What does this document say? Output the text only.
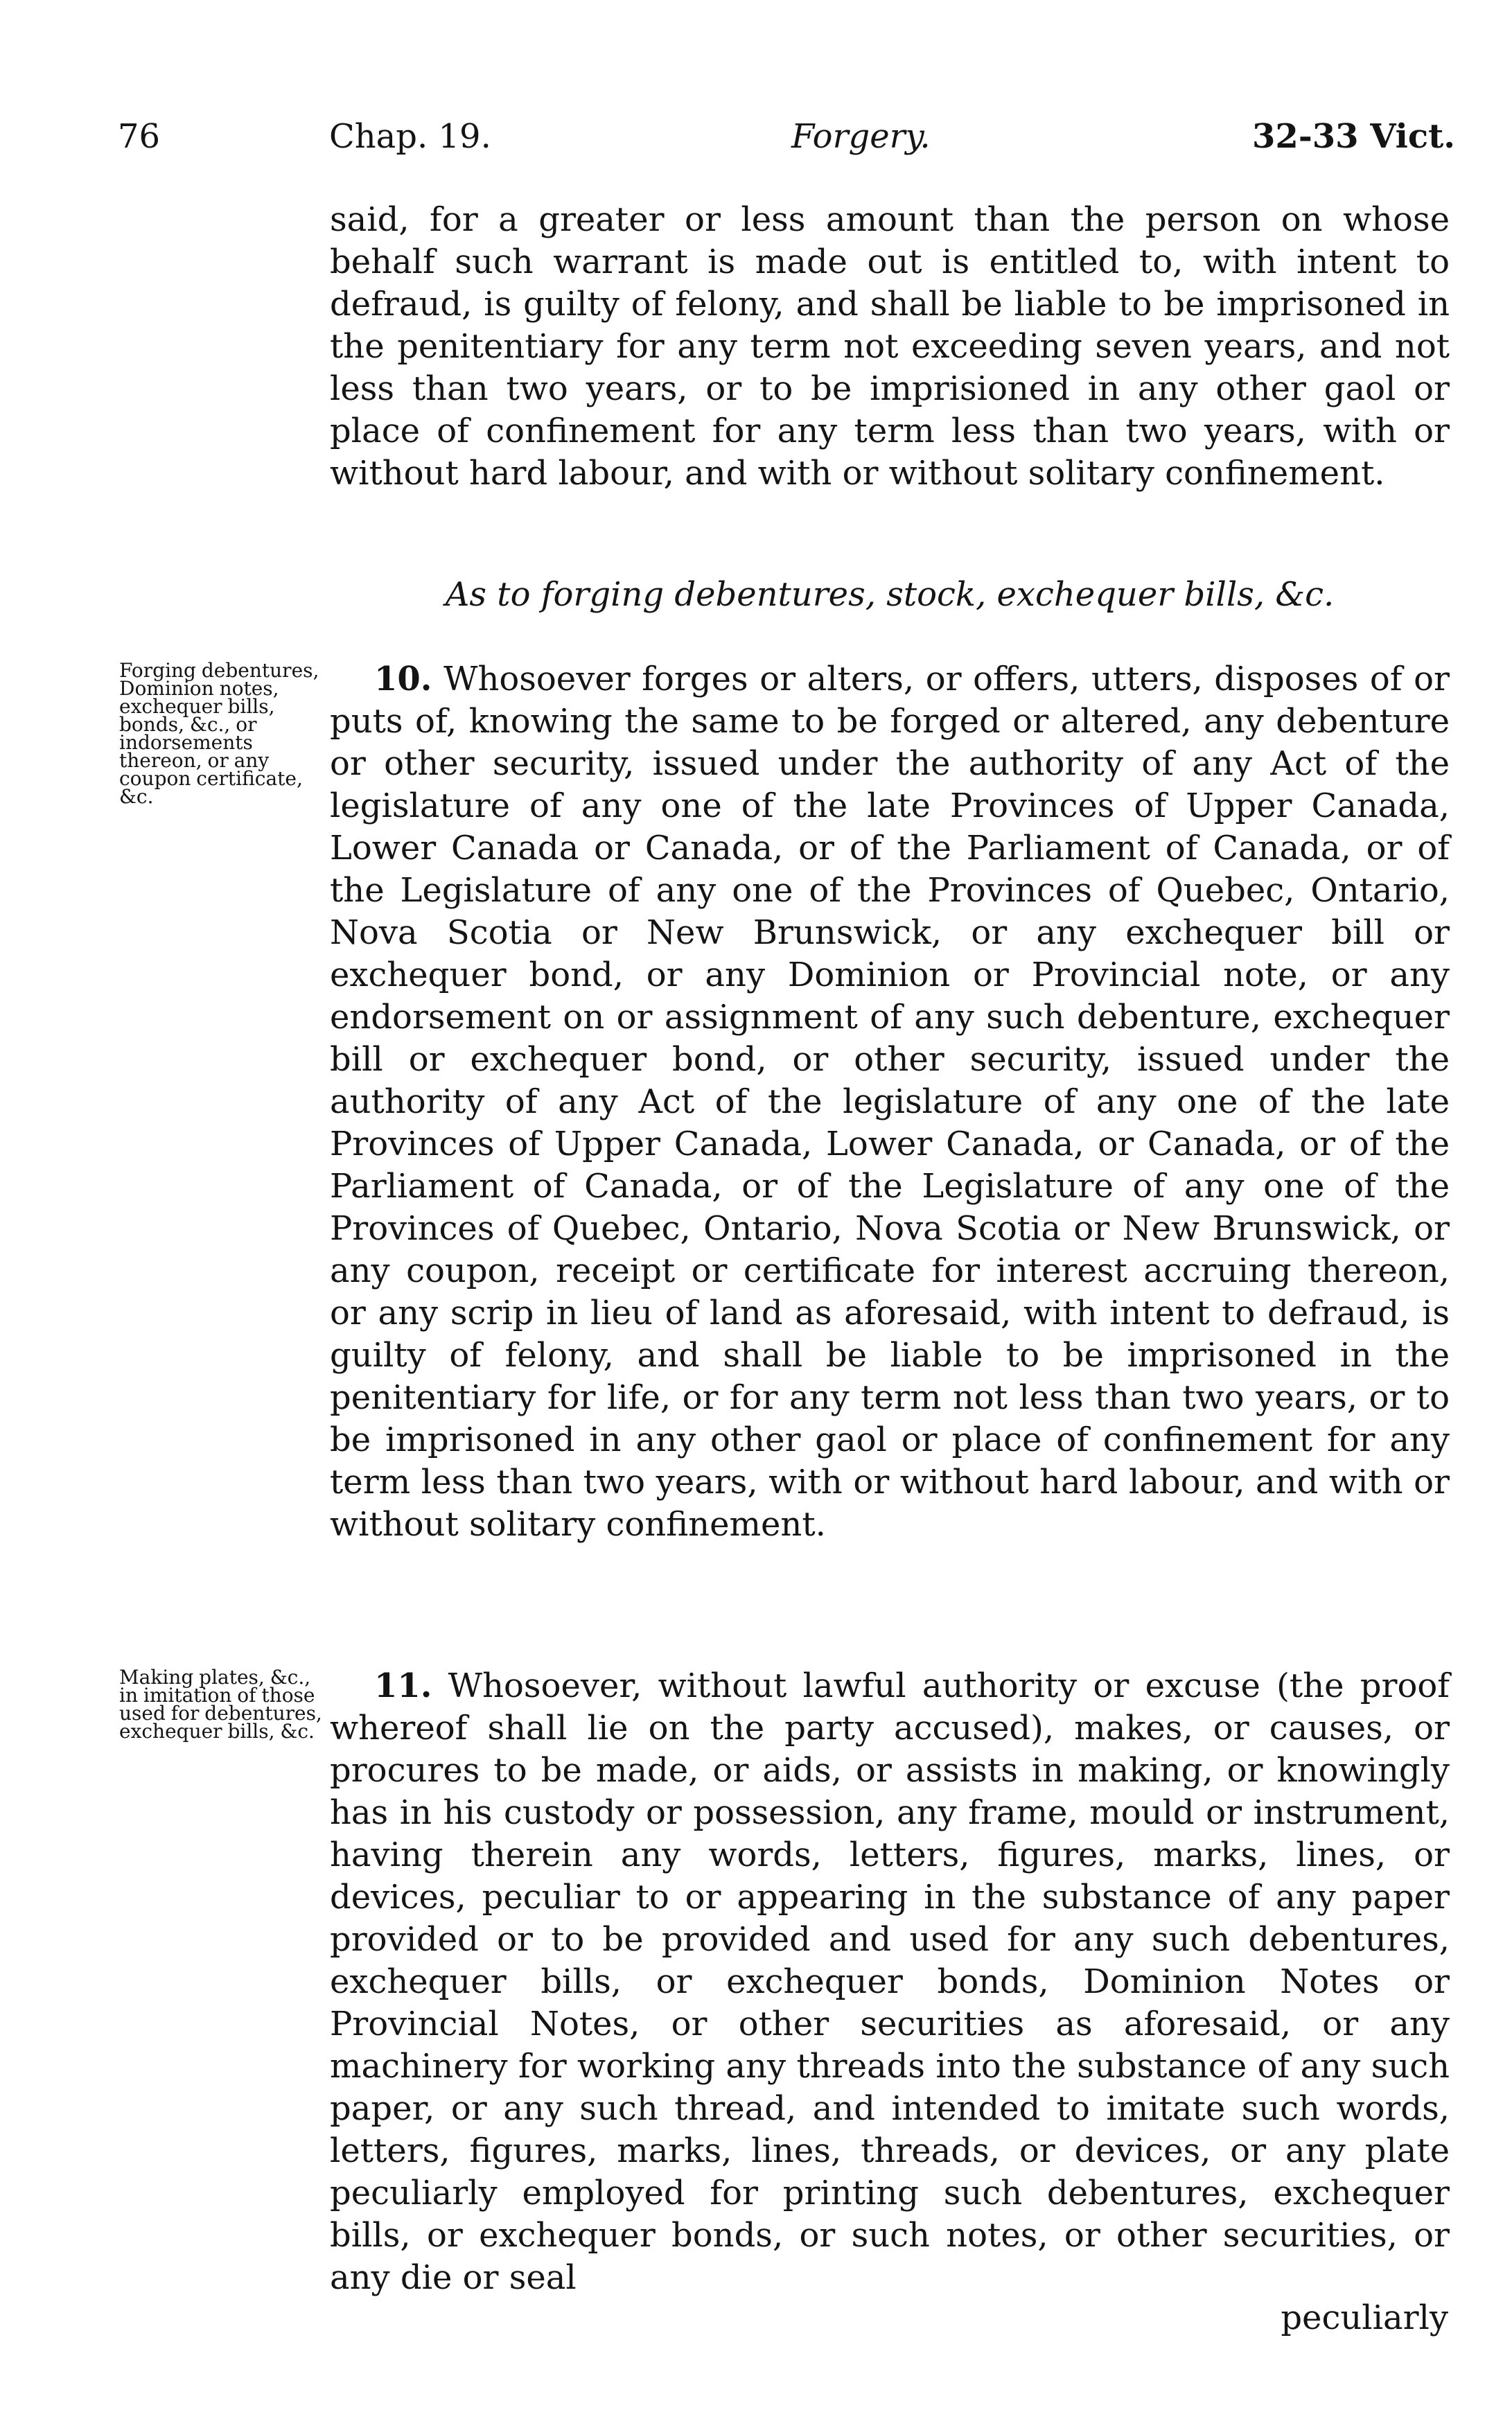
76	Chap. 19.	Forgery.	32-33 Vict.

said, for a greater or less amount than the person on whose behalf such warrant is made out is entitled to, with intent to defraud, is guilty of felony, and shall be liable to be imprisoned in the penitentiary for any term not exceeding seven years, and not less than two years, or to be imprisioned in any other gaol or place of confinement for any term less than two years, with or without hard labour, and with or without solitary confinement.

As to forging debentures, stock, exchequer bills, &c.
Forging debentures, Dominion notes, exchequer bills, bonds, &c., or indorsements thereon, or any coupon certificate, &c.

10. Whosoever forges or alters, or offers, utters, disposes of or puts of, knowing the same to be forged or altered, any debenture or other security, issued under the authority of any Act of the legislature of any one of the late Provinces of Upper Canada, Lower Canada or Canada, or of the Parliament of Canada, or of the Legislature of any one of the Provinces of Quebec, Ontario, Nova Scotia or New Brunswick, or any exchequer bill or exchequer bond, or any Dominion or Provincial note, or any endorsement on or assignment of any such debenture, exchequer bill or exchequer bond, or other security, issued under the authority of any Act of the legislature of any one of the late Provinces of Upper Canada, Lower Canada, or Canada, or of the Parliament of Canada, or of the Legislature of any one of the Provinces of Quebec, Ontario, Nova Scotia or New Brunswick, or any coupon, receipt or certificate for interest accruing thereon, or any scrip in lieu of land as aforesaid, with intent to defraud, is guilty of felony, and shall be liable to be imprisoned in the penitentiary for life, or for any term not less than two years, or to be imprisoned in any other gaol or place of confinement for any term less than two years, with or without hard labour, and with or without solitary confinement.

Making plates, &c., in imitation of those used for debentures, exchequer bills, &c.

11. Whosoever, without lawful authority or excuse (the proof whereof shall lie on the party accused), makes, or causes, or procures to be made, or aids, or assists in making, or knowingly has in his custody or possession, any frame, mould or instrument, having therein any words, letters, figures, marks, lines, or devices, peculiar to or appearing in the substance of any paper provided or to be provided and used for any such debentures, exchequer bills, or exchequer bonds, Dominion Notes or Provincial Notes, or other securities as aforesaid, or any machinery for working any threads into the substance of any such paper, or any such thread, and intended to imitate such words, letters, figures, marks, lines, threads, or devices, or any plate peculiarly employed for printing such debentures, exchequer bills, or exchequer bonds, or such notes, or other securities, or any die or seal

peculiarly
